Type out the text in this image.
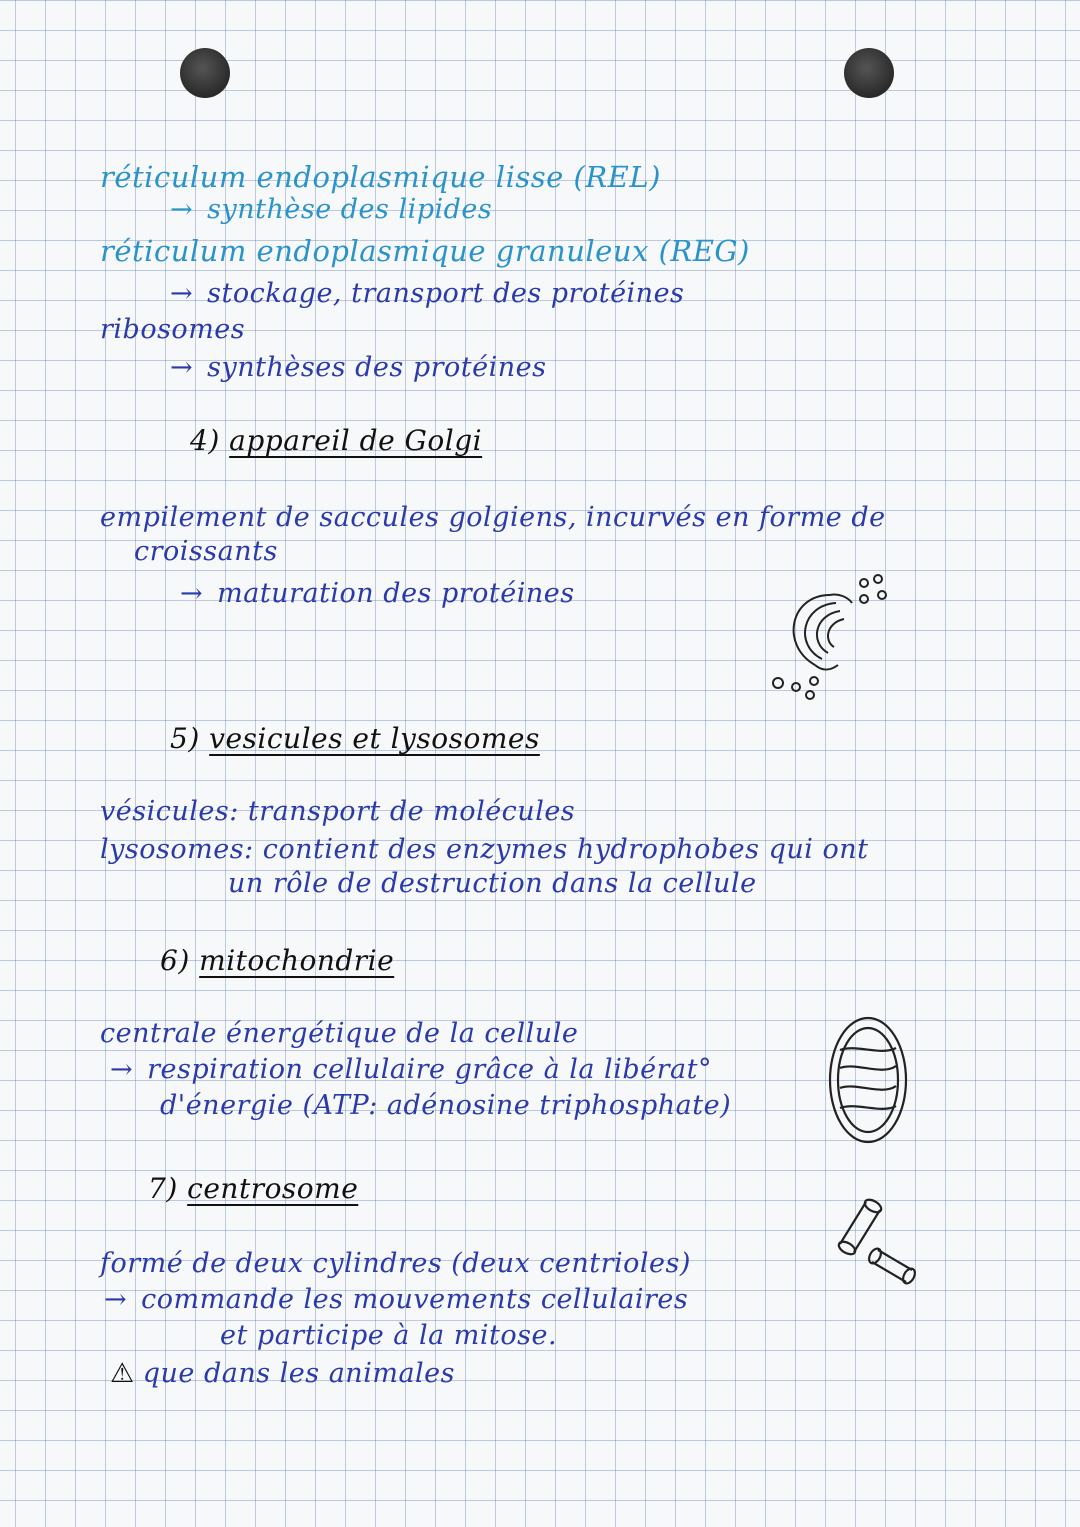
réticulum endoplasmique lisse (REL)
→ synthèse des lipides
réticulum endoplasmique granuleux (REG)
→ stockage, transport des protéines
ribosomes
→ synthèses des protéines
4) appareil de Golgi
empilement de saccules golgiens, incurvés en forme de
croissants
→ maturation des protéines
5) vesicules et lysosomes
vésicules: transport de molécules
lysosomes: contient des enzymes hydrophobes qui ont
un rôle de destruction dans la cellule
6) mitochondrie
centrale énergétique de la cellule
→ respiration cellulaire grâce à la libérat°
d'énergie (ATP: adénosine triphosphate)
7) centrosome
formé de deux cylindres (deux centrioles)
→ commande les mouvements cellulaires
et participe à la mitose.
⚠ que dans les animales
